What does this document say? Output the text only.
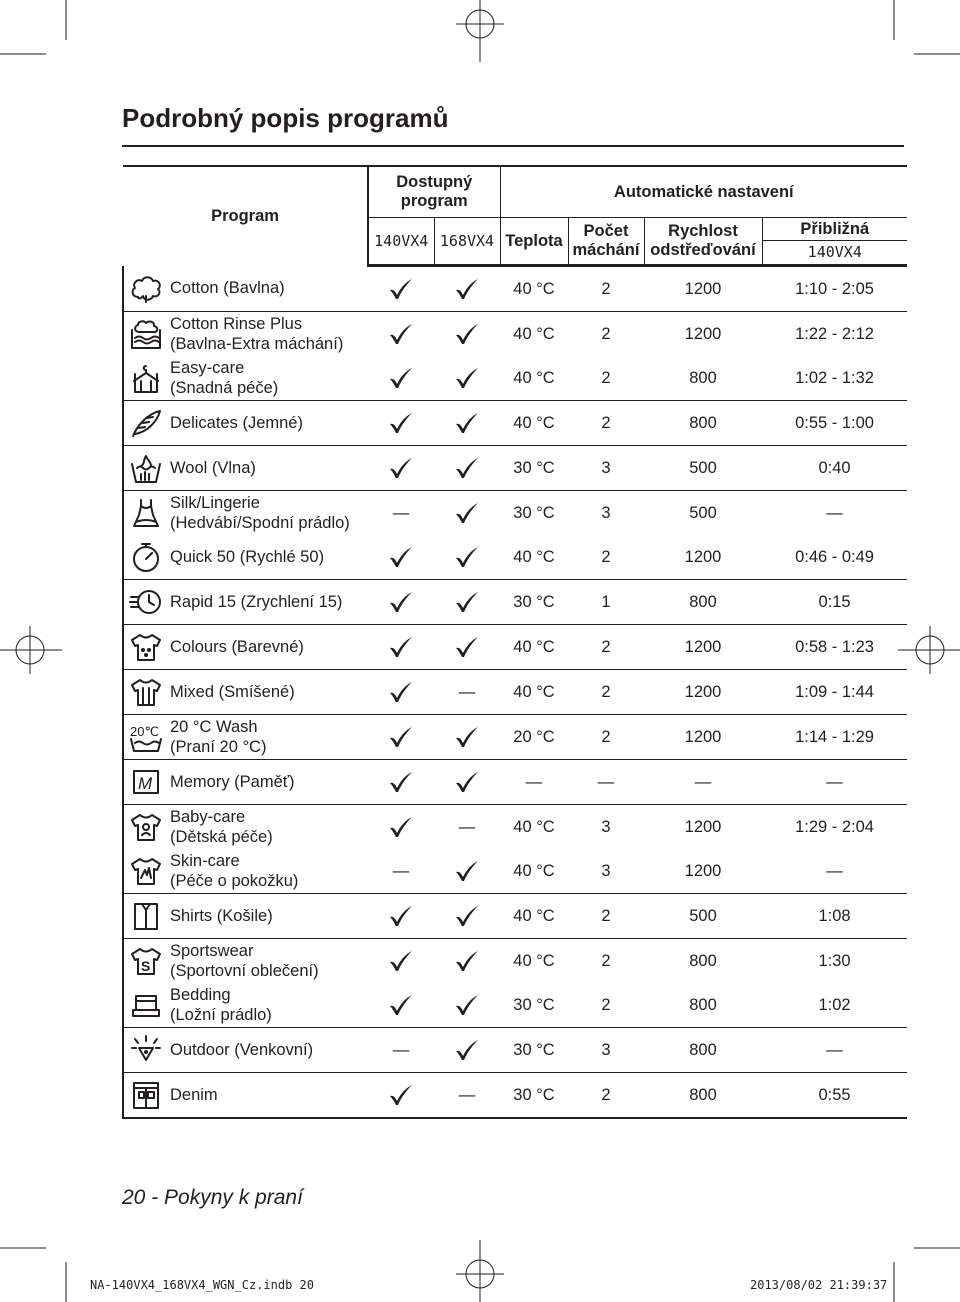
Podrobný popis programů
Program	Dostupný program		Automatické nastavení			
	140VX4	168VX4	Teplota	Počet máchání	Rychlost odstřeďování	Přibližná
140VX4

Cotton (Bavlna)			40 °C	2	1200	1:10 - 2:05

Cotton Rinse Plus
(Bavlna-Extra máchání)			40 °C	2	1200	1:22 - 2:12

Easy-care
(Snadná péče)			40 °C	2	800	1:02 - 1:32

Delicates (Jemné)			40 °C	2	800	0:55 - 1:00

Wool (Vlna)			30 °C	3	500	0:40

Silk/Lingerie
(Hedvábí/Spodní prádlo)	—		30 °C	3	500	—

Quick 50 (Rychlé 50)			40 °C	2	1200	0:46 - 0:49

Rapid 15 (Zrychlení 15)			30 °C	1	800	0:15

Colours (Barevné)			40 °C	2	1200	0:58 - 1:23

Mixed (Smíšené)		—	40 °C	2	1200	1:09 - 1:44

20℃ 20 °C Wash
(Praní 20 °C)			20 °C	2	1200	1:14 - 1:29

M Memory (Paměť)			—	—	—	—

Baby-care
(Dětská péče)		—	40 °C	3	1200	1:29 - 2:04

Skin-care
(Péče o pokožku)	—		40 °C	3	1200	—

Shirts (Košile)			40 °C	2	500	1:08

S
Sportswear
(Sportovní oblečení)			40 °C	2	800	1:30

Bedding
(Ložní prádlo)			30 °C	2	800	1:02

Outdoor (Venkovní)	—		30 °C	3	800	—

Denim		—	30 °C	2	800	0:55
20 - Pokyny k praní
NA-140VX4_168VX4_WGN_Cz.indb 20	2013/08/02 21:39:37
